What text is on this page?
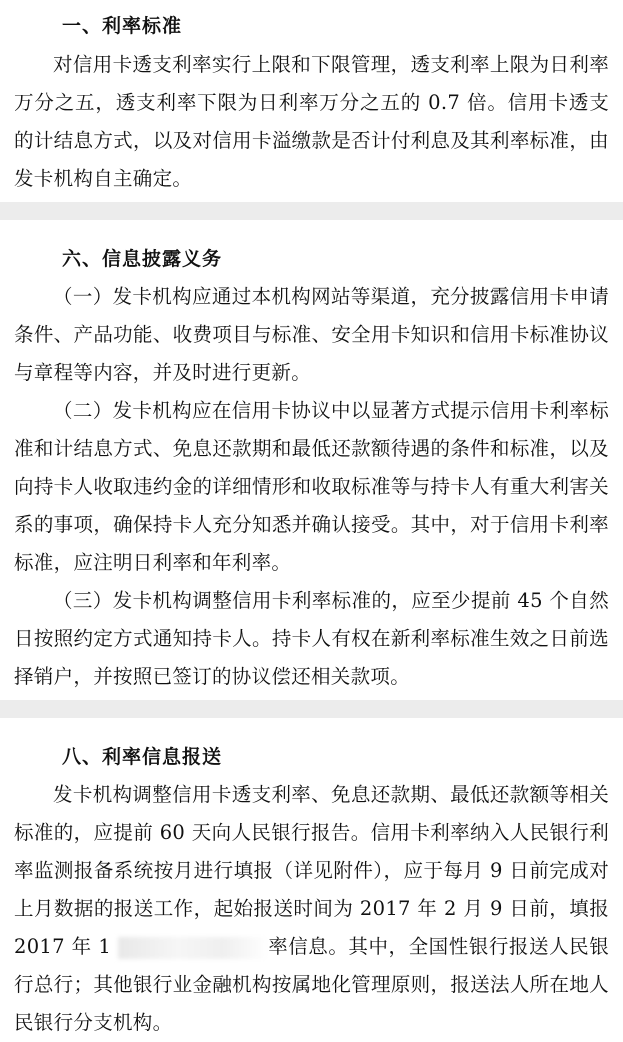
一、利率标准

对信用卡透支利率实行上限和下限管理，透支利率上限为日利率万分之五，透支利率下限为日利率万分之五的 0.7 倍。信用卡透支的计结息方式，以及对信用卡溢缴款是否计付利息及其利率标准，由发卡机构自主确定。

六、信息披露义务

（一）发卡机构应通过本机构网站等渠道，充分披露信用卡申请条件、产品功能、收费项目与标准、安全用卡知识和信用卡标准协议与章程等内容，并及时进行更新。

（二）发卡机构应在信用卡协议中以显著方式提示信用卡利率标准和计结息方式、免息还款期和最低还款额待遇的条件和标准，以及向持卡人收取违约金的详细情形和收取标准等与持卡人有重大利害关系的事项，确保持卡人充分知悉并确认接受。其中，对于信用卡利率标准，应注明日利率和年利率。

（三）发卡机构调整信用卡利率标准的，应至少提前 45 个自然日按照约定方式通知持卡人。持卡人有权在新利率标准生效之日前选择销户，并按照已签订的协议偿还相关款项。

八、利率信息报送

发卡机构调整信用卡透支利率、免息还款期、最低还款额等相关标准的，应提前 60 天向人民银行报告。信用卡利率纳入人民银行利率监测报备系统按月进行填报（详见附件），应于每月 9 日前完成对上月数据的报送工作，起始报送时间为 2017 年 2 月 9 日前，填报 2017 年 1	率信息。其中，全国性银行报送人民银行总行；其他银行业金融机构按属地化管理原则，报送法人所在地人民银行分支机构。
